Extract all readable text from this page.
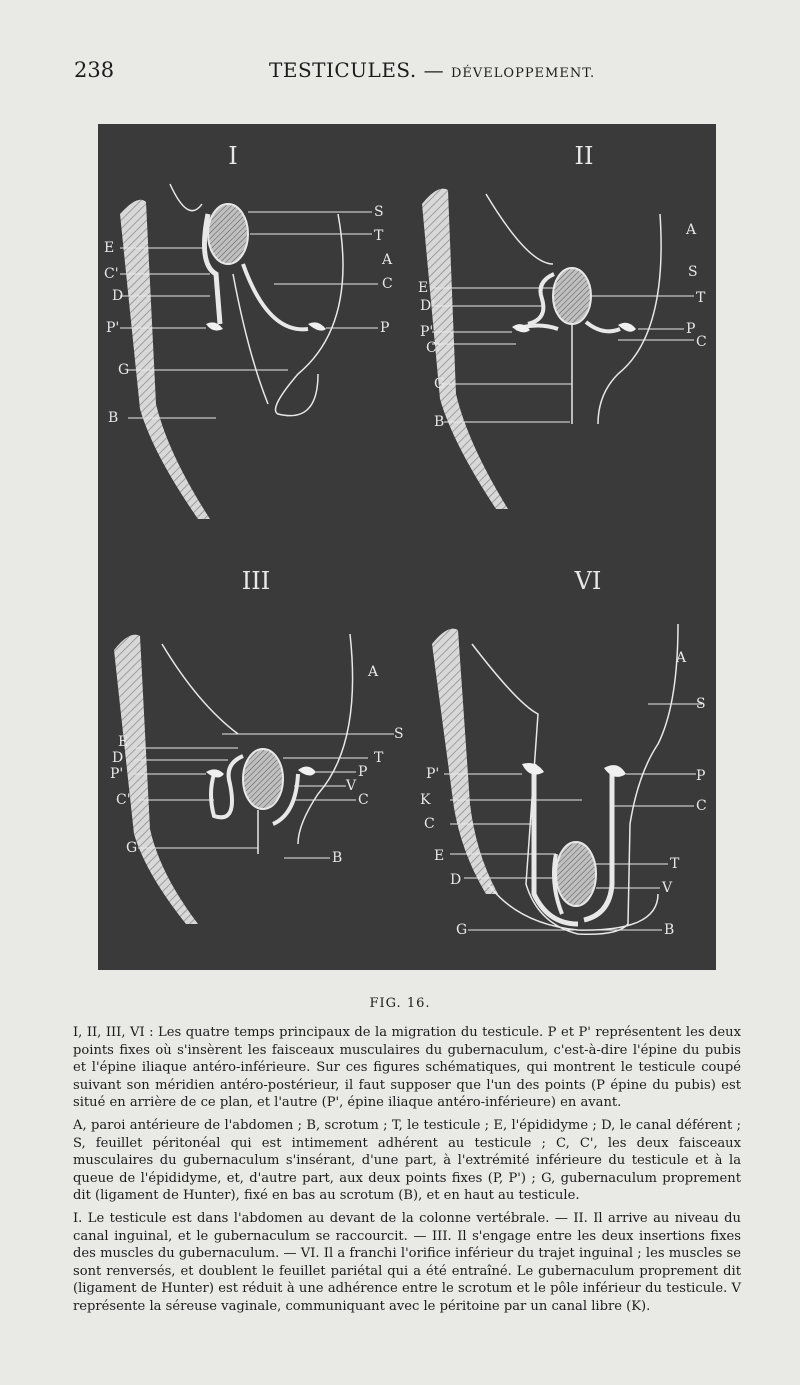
238	TESTICULES. — DÉVELOPPEMENT.
I
E
C'
D
P'
G
B
S
T
A
C
P
II
E
D'
P'
C'
G
B
A
S
T
P
C
III
E
D
P'
C'
G
A
S
T
P
V
C
B
VI
P'
K
C
E
D
G
A
S
P
C
T
V
B
FIG. 16.

I, II, III, VI : Les quatre temps principaux de la migration du testicule. P et P' représentent les deux points fixes où s'insèrent les faisceaux musculaires du gubernaculum, c'est-à-dire l'épine du pubis et l'épine iliaque antéro-inférieure. Sur ces figures schématiques, qui montrent le testicule coupé suivant son méridien antéro-postérieur, il faut supposer que l'un des points (P épine du pubis) est situé en arrière de ce plan, et l'autre (P', épine iliaque antéro-inférieure) en avant.

A, paroi antérieure de l'abdomen ; B, scrotum ; T, le testicule ; E, l'épididyme ; D, le canal déférent ; S, feuillet péritonéal qui est intimement adhérent au testicule ; C, C', les deux faisceaux musculaires du gubernaculum s'insérant, d'une part, à l'extrémité inférieure du testicule et à la queue de l'épididyme, et, d'autre part, aux deux points fixes (P, P') ; G, gubernaculum proprement dit (ligament de Hunter), fixé en bas au scrotum (B), et en haut au testicule.

I. Le testicule est dans l'abdomen au devant de la colonne vertébrale. — II. Il arrive au niveau du canal inguinal, et le gubernaculum se raccourcit. — III. Il s'engage entre les deux insertions fixes des muscles du gubernaculum. — VI. Il a franchi l'orifice inférieur du trajet inguinal ; les muscles se sont renversés, et doublent le feuillet pariétal qui a été entraîné. Le gubernaculum proprement dit (ligament de Hunter) est réduit à une adhérence entre le scrotum et le pôle inférieur du testicule. V représente la séreuse vaginale, communiquant avec le péritoine par un canal libre (K).
